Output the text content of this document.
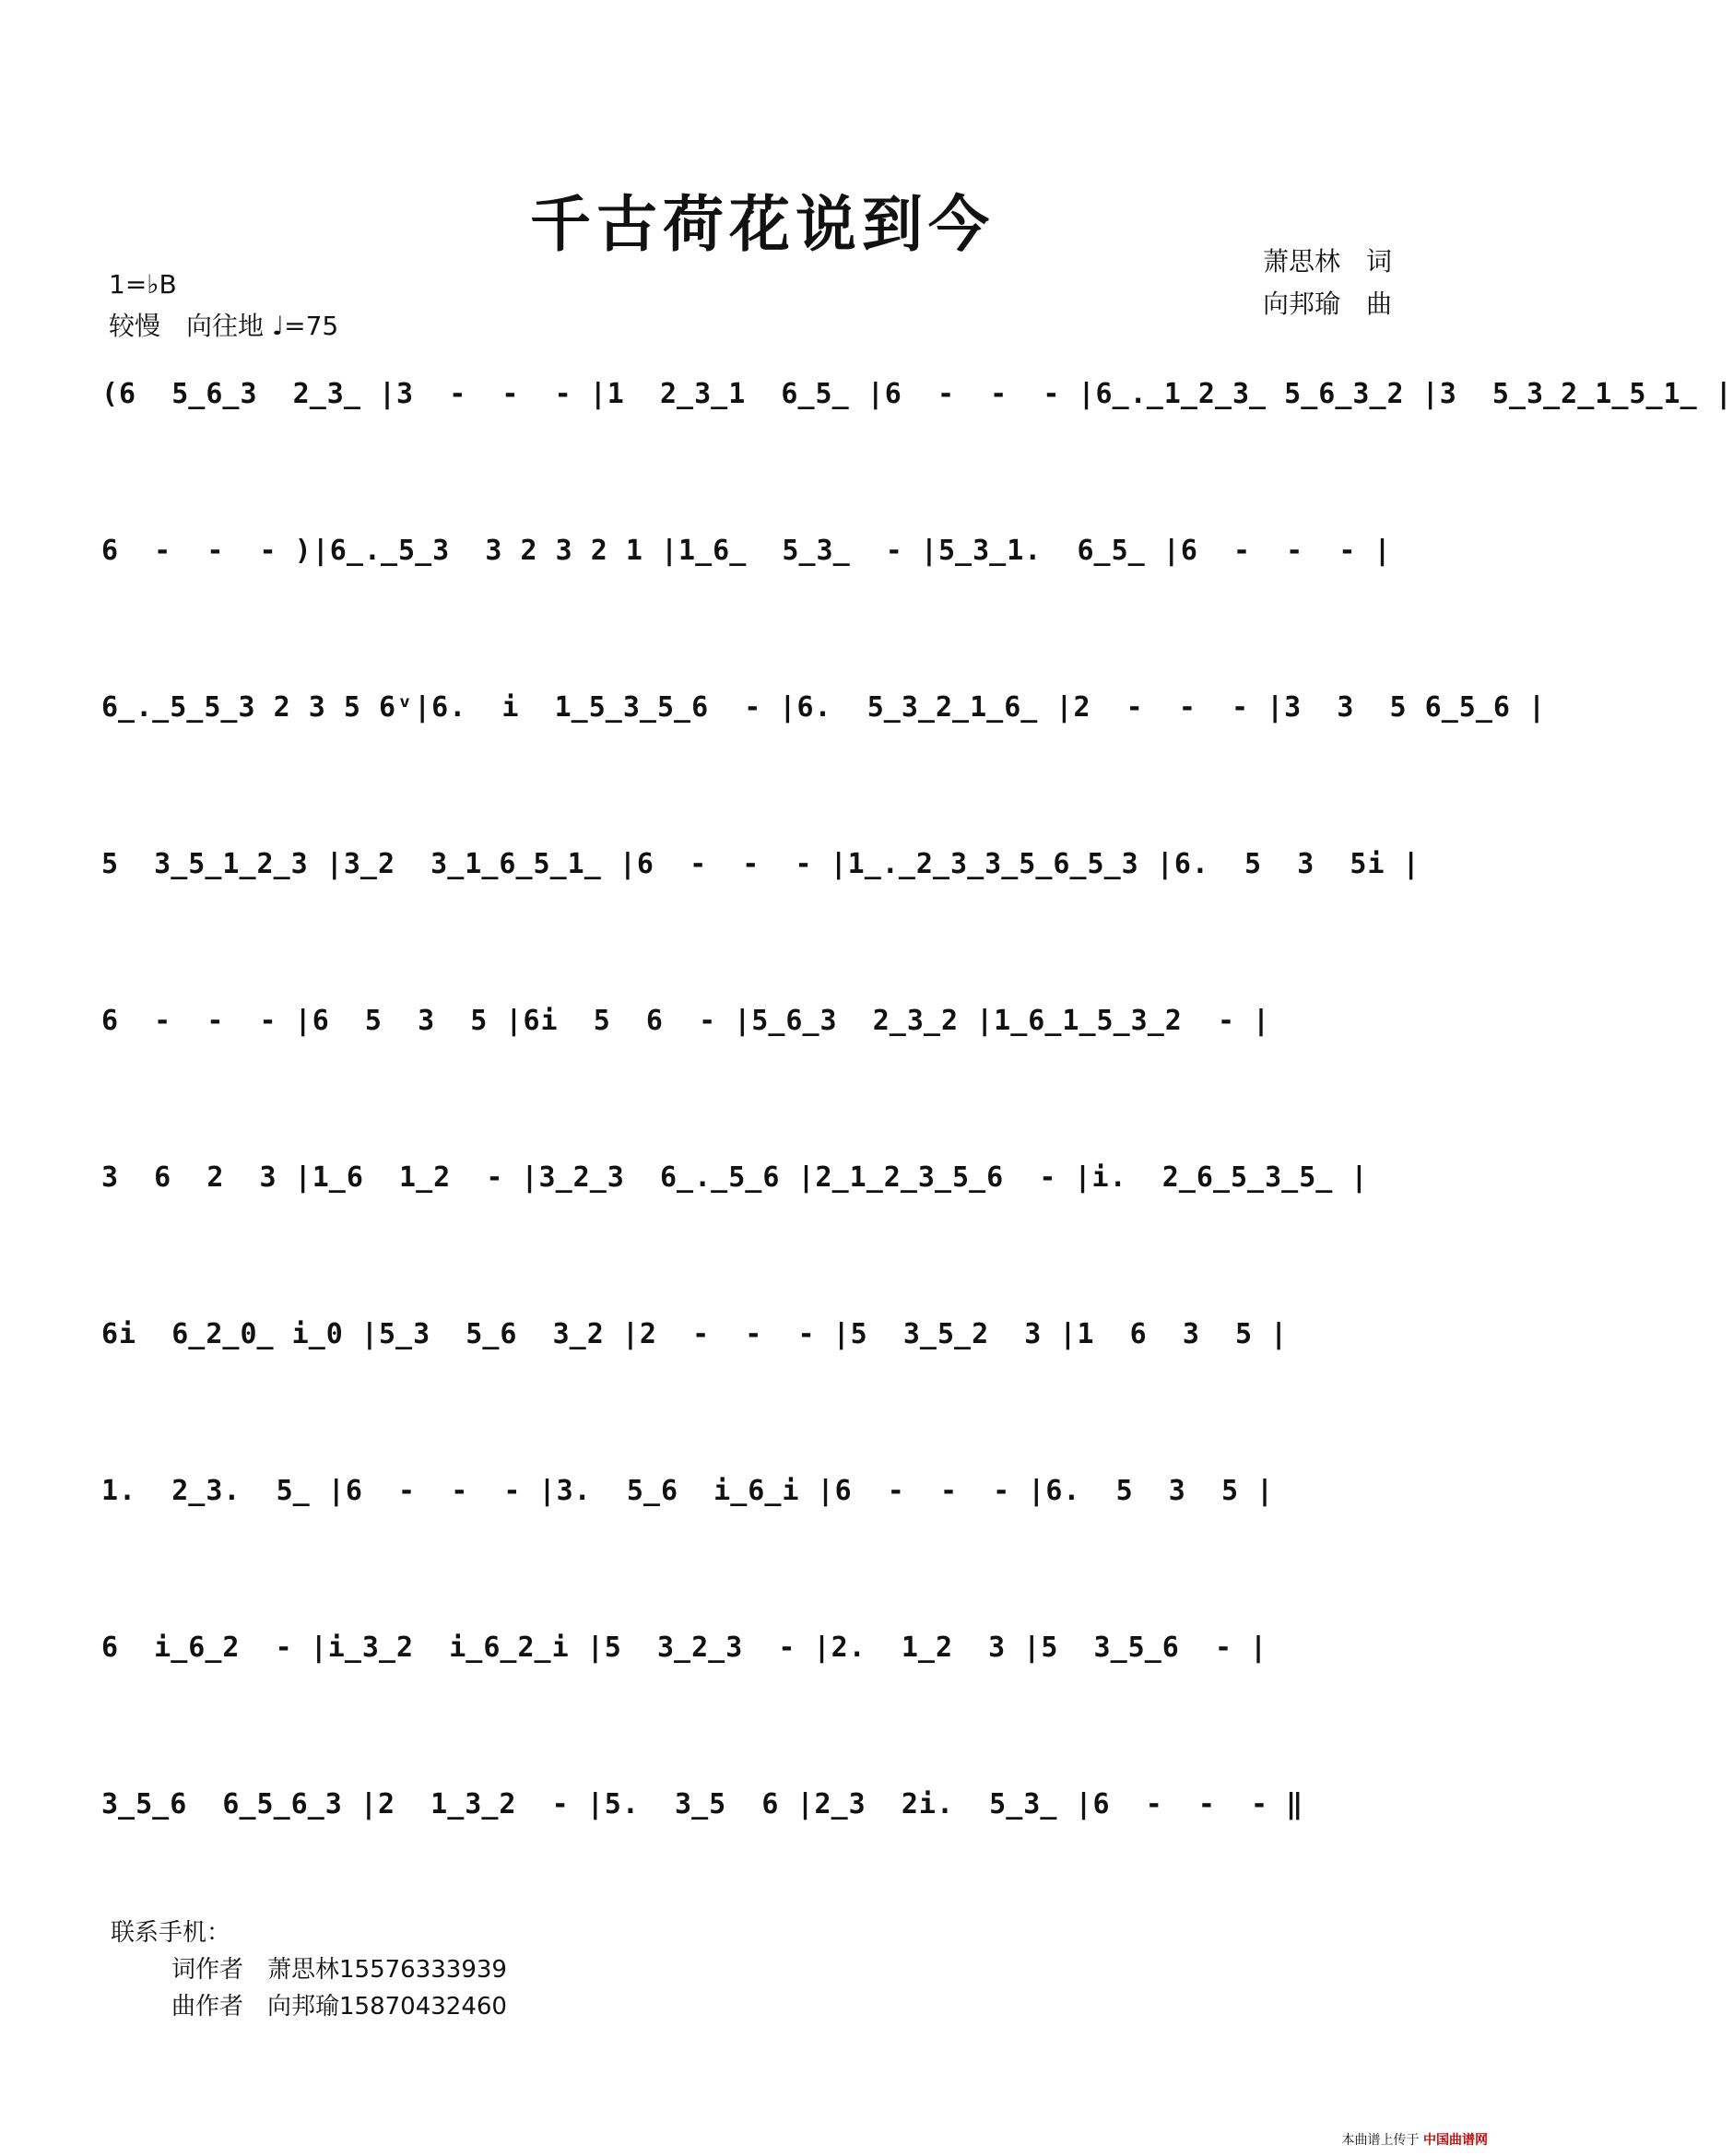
千古荷花说到今
萧思林　词
向邦瑜　曲
1=♭B
较慢　向往地 ♩=75
(6  5̲6̲3  2̲3̲ |3  -  -  - |1  2̲3̲1  6̲5̲ |6  -  -  - |6̲.̲1̲2̲3̲ 5̲6̲3̲2 |3  5̲3̲2̲1̲5̲1̲ |
6  -  -  - )|6̲.̲5̲3  3 2 3 2 1 |1̲6̲  5̲3̲  - |5̲3̲1.  6̲5̲ |6  -  -  - |
6̲.̲5̲5̲3 2 3 5 6ᵛ|6.  i  1̲5̲3̲5̲6  - |6.  5̲3̲2̲1̲6̲ |2  -  -  - |3  3  5 6̲5̲6 |
5  3̲5̲1̲2̲3 |3̲2  3̲1̲6̲5̲1̲ |6  -  -  - |1̲.̲2̲3̲3̲5̲6̲5̲3 |6.  5  3  5i |
6  -  -  - |6  5  3  5 |6i  5  6  - |5̲6̲3  2̲3̲2 |1̲6̲1̲5̲3̲2  - |
3  6  2  3 |1̲6  1̲2  - |3̲2̲3  6̲.̲5̲6 |2̲1̲2̲3̲5̲6  - |i.  2̲6̲5̲3̲5̲ |
6i  6̲2̲0̲ i̲0 |5̲3  5̲6  3̲2 |2  -  -  - |5  3̲5̲2  3 |1  6  3  5 |
1.  2̲3.  5̲ |6  -  -  - |3.  5̲6  i̲6̲i |6  -  -  - |6.  5  3  5 |
6  i̲6̲2  - |i̲3̲2  i̲6̲2̲i |5  3̲2̲3  - |2.  1̲2  3 |5  3̲5̲6  - |
3̲5̲6  6̲5̲6̲3 |2  1̲3̲2  - |5.  3̲5  6 |2̲3  2i.  5̲3̲ |6  -  -  - ‖
联系手机：
词作者　萧思林15576333939
曲作者　向邦瑜15870432460
本曲谱上传于 中国曲谱网
